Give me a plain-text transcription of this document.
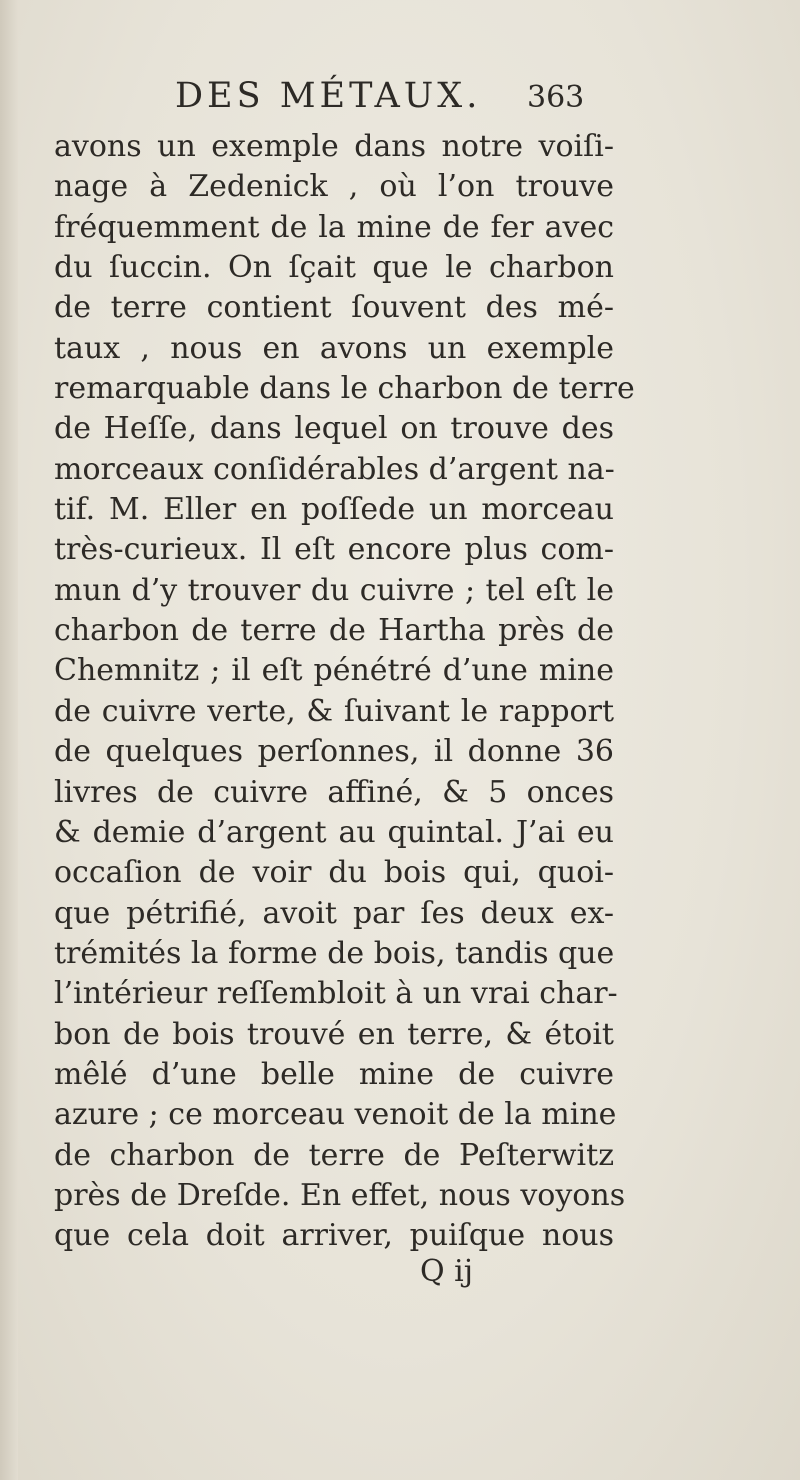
DES MÉTAUX. 363
avons un exemple dans notre voiſi-
nage à Zedenick , où l’on trouve
fréquemment de la mine de fer avec
du ſuccin. On ſçait que le charbon
de terre contient ſouvent des mé-
taux , nous en avons un exemple
remarquable dans le charbon de terre
de Heſſe, dans lequel on trouve des
morceaux conſidérables d’argent na-
tif. M. Eller en poſſede un morceau
très-curieux. Il eſt encore plus com-
mun d’y trouver du cuivre ; tel eſt le
charbon de terre de Hartha près de
Chemnitz ; il eſt pénétré d’une mine
de cuivre verte, & ſuivant le rapport
de quelques perſonnes, il donne 36
livres de cuivre affiné, & 5 onces
& demie d’argent au quintal. J’ai eu
occaſion de voir du bois qui, quoi-
que pétrifié, avoit par ſes deux ex-
trémités la forme de bois, tandis que
l’intérieur reſſembloit à un vrai char-
bon de bois trouvé en terre, & étoit
mêlé d’une belle mine de cuivre
azure ; ce morceau venoit de la mine
de charbon de terre de Peſterwitz
près de Dreſde. En effet, nous voyons
que cela doit arriver, puiſque nous
Q ij
